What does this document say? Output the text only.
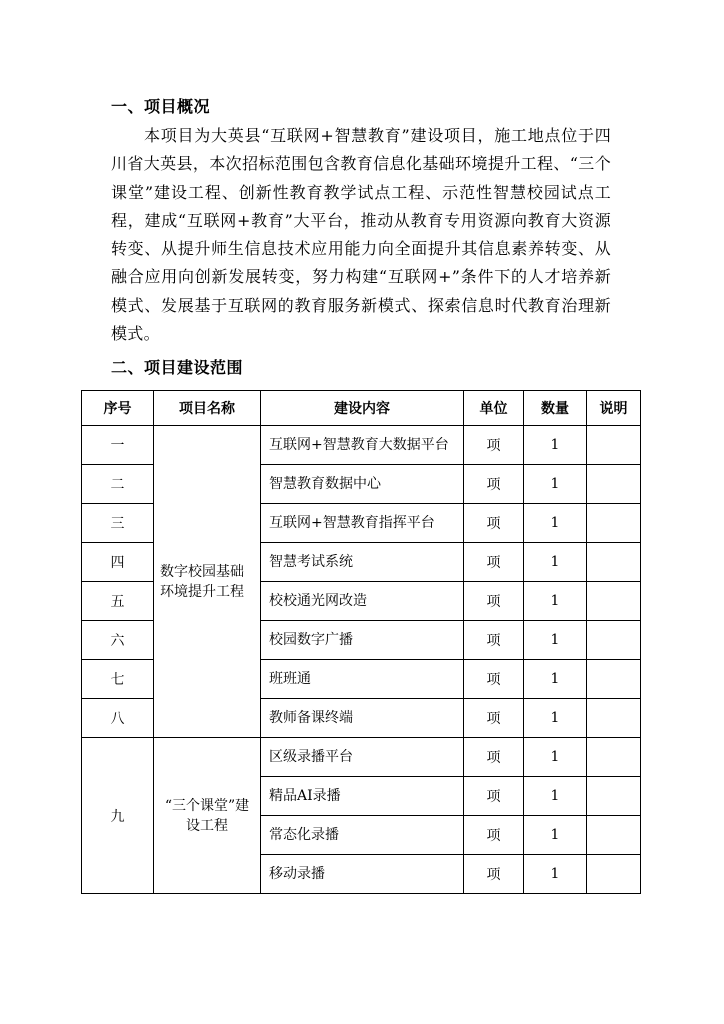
一、项目概况

本项目为大英县“互联网+智慧教育”建设项目，施工地点位于四川省大英县，本次招标范围包含教育信息化基础环境提升工程、“三个课堂”建设工程、创新性教育教学试点工程、示范性智慧校园试点工程，建成“互联网+教育”大平台，推动从教育专用资源向教育大资源转变、从提升师生信息技术应用能力向全面提升其信息素养转变、从融合应用向创新发展转变，努力构建“互联网+”条件下的人才培养新模式、发展基于互联网的教育服务新模式、探索信息时代教育治理新模式。

二、项目建设范围
序号	项目名称	建设内容	单位	数量	说明
一	数字校园基础环境提升工程	互联网+智慧教育大数据平台	项	1	
二		智慧教育数据中心	项	1	
三		互联网+智慧教育指挥平台	项	1	
四		智慧考试系统	项	1	
五		校校通光网改造	项	1	
六		校园数字广播	项	1	
七		班班通	项	1	
八		教师备课终端	项	1	
九	“三个课堂”建设工程	区级录播平台	项	1	
		精品AI录播	项	1	
		常态化录播	项	1	
		移动录播	项	1	
